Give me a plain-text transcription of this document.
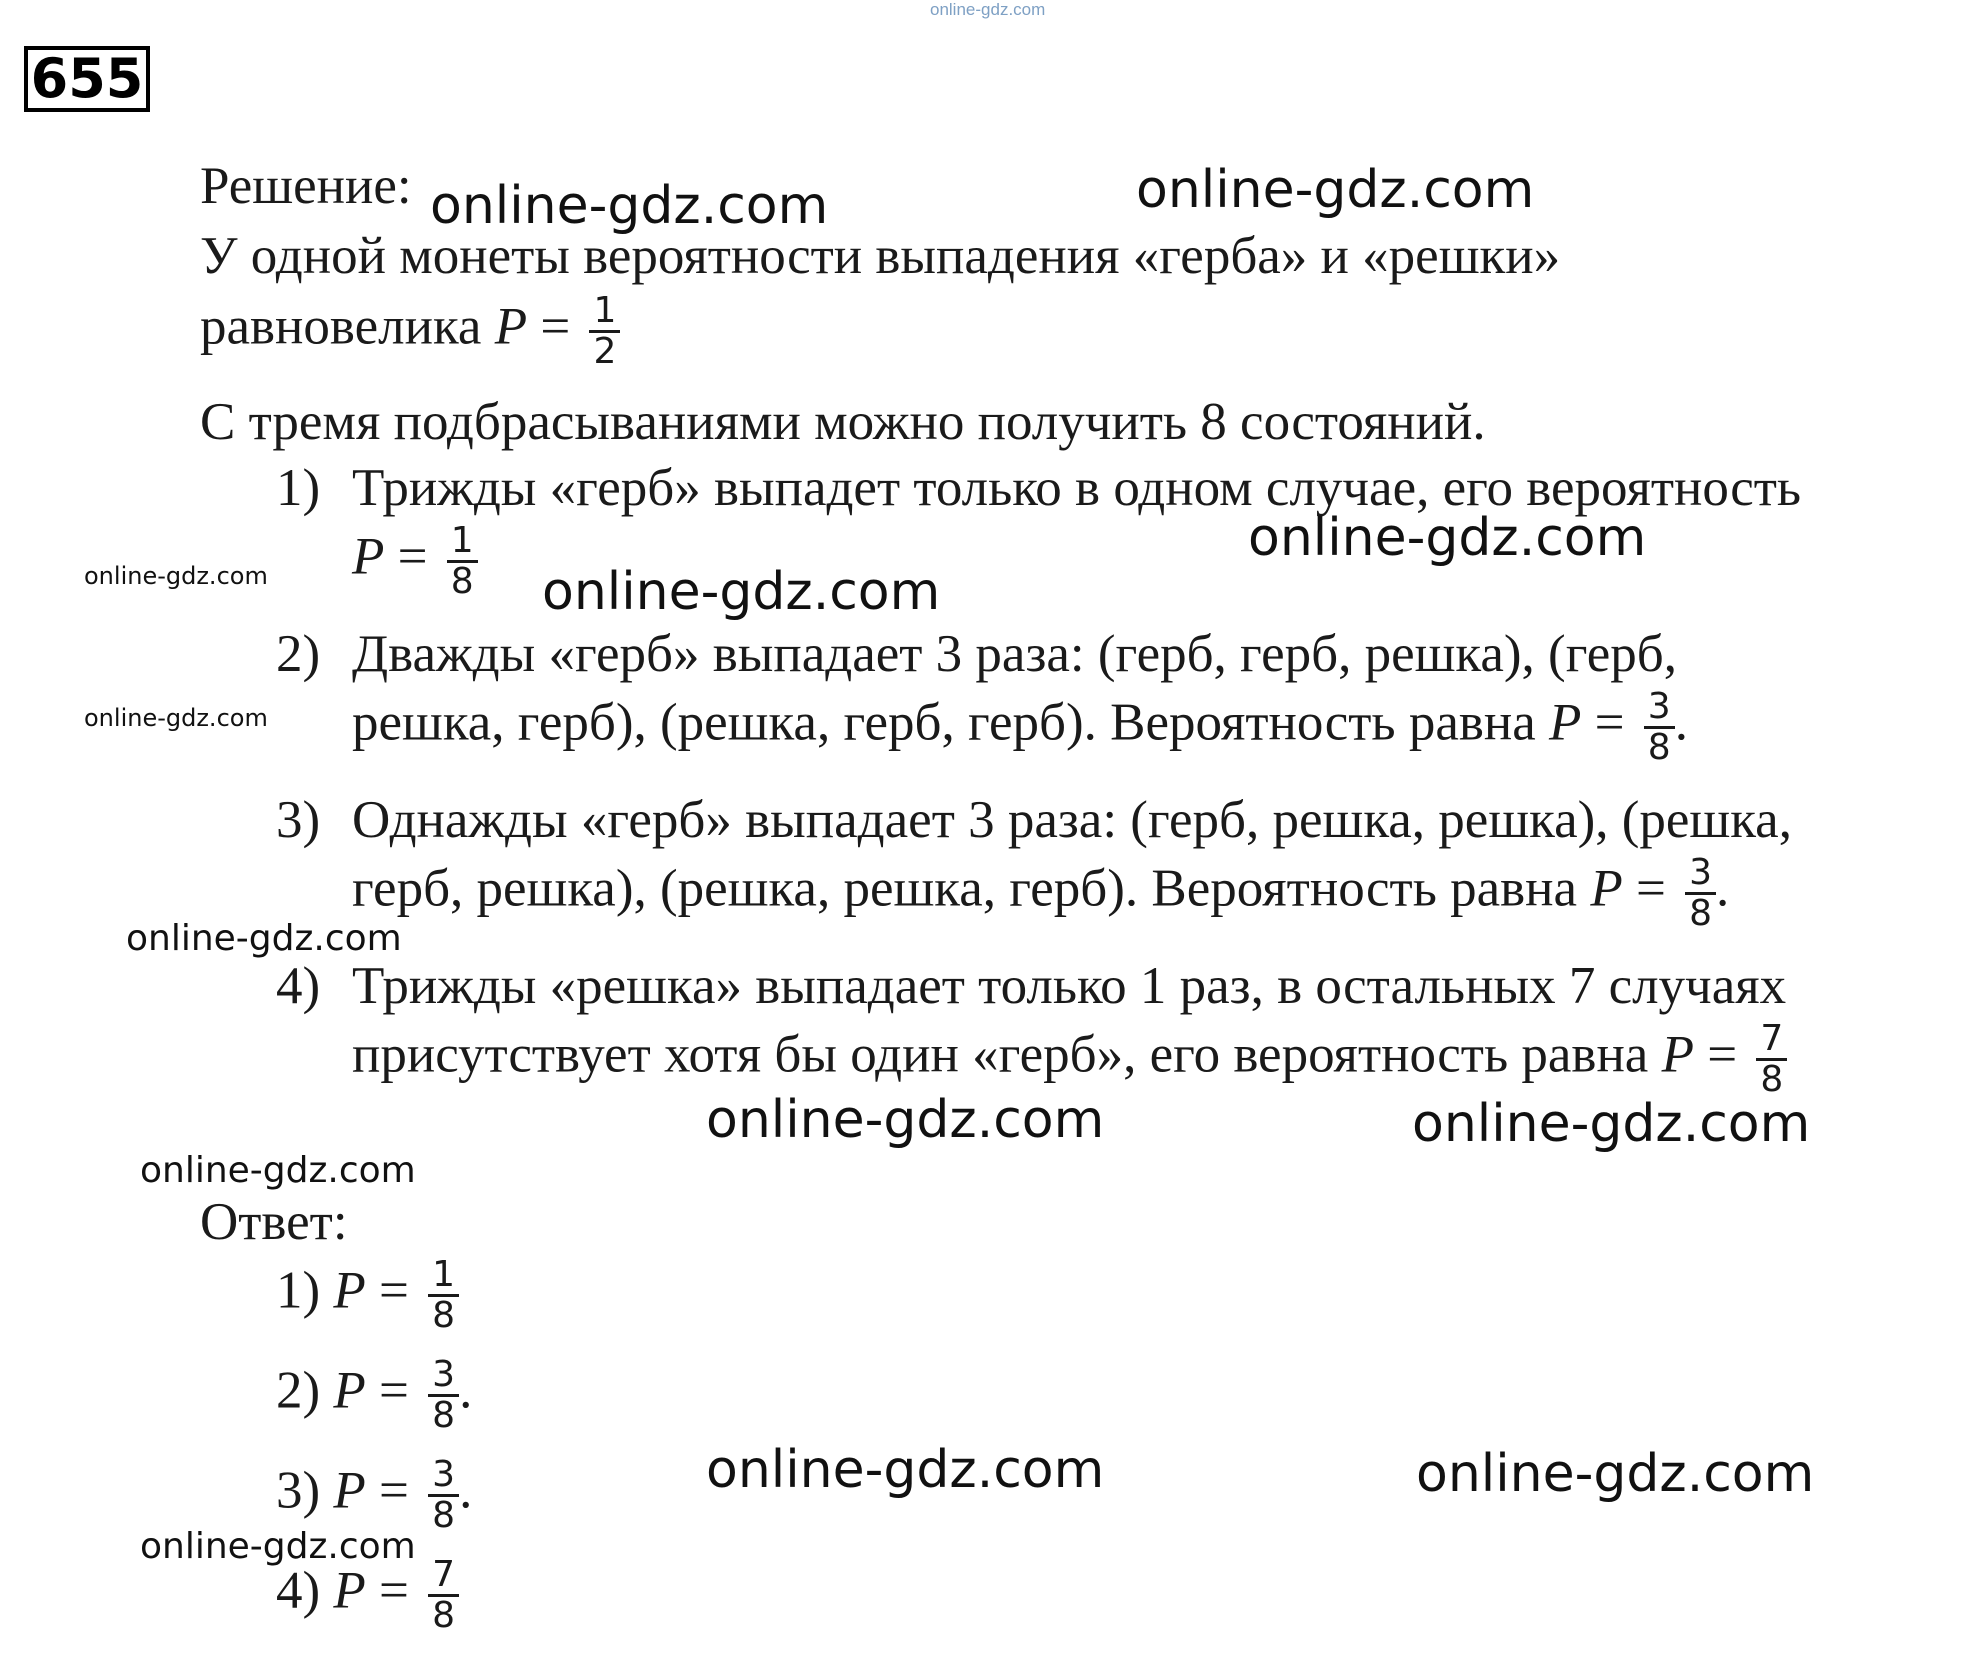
online-gdz.com
655
Решение:
У одной монеты вероятности выпадения «герба» и «решки»
равновелика $P = \frac{1}{2}$
С тремя подбрасываниями можно получить 8 состояний.
1) Трижды «герб» выпадет только в одном случае, его вероятность
$P = \frac{1}{8}$
2) Дважды «герб» выпадает 3 раза: (герб, герб, решка), (герб,
решка, герб), (решка, герб, герб). Вероятность равна $P = \frac{3}{8}$ .
3) Однажды «герб» выпадает 3 раза: (герб, решка, решка), (решка,
герб, решка), (решка, решка, герб). Вероятность равна $P = \frac{3}{8}$ .
4) Трижды «решка» выпадает только 1 раз, в остальных 7 случаях
присутствует хотя бы один «герб», его вероятность равна $P = \frac{7}{8}$
Ответ:
1) $P = \frac{1}{8}$
2) $P = \frac{3}{8}$ .
3) $P = \frac{3}{8}$ .
4) $P = \frac{7}{8}$
online-gdz.com	online-gdz.com
online-gdz.com
online-gdz.com
online-gdz.com
online-gdz.com
online-gdz.com
online-gdz.com	online-gdz.com
online-gdz.com
online-gdz.com	online-gdz.com
online-gdz.com
